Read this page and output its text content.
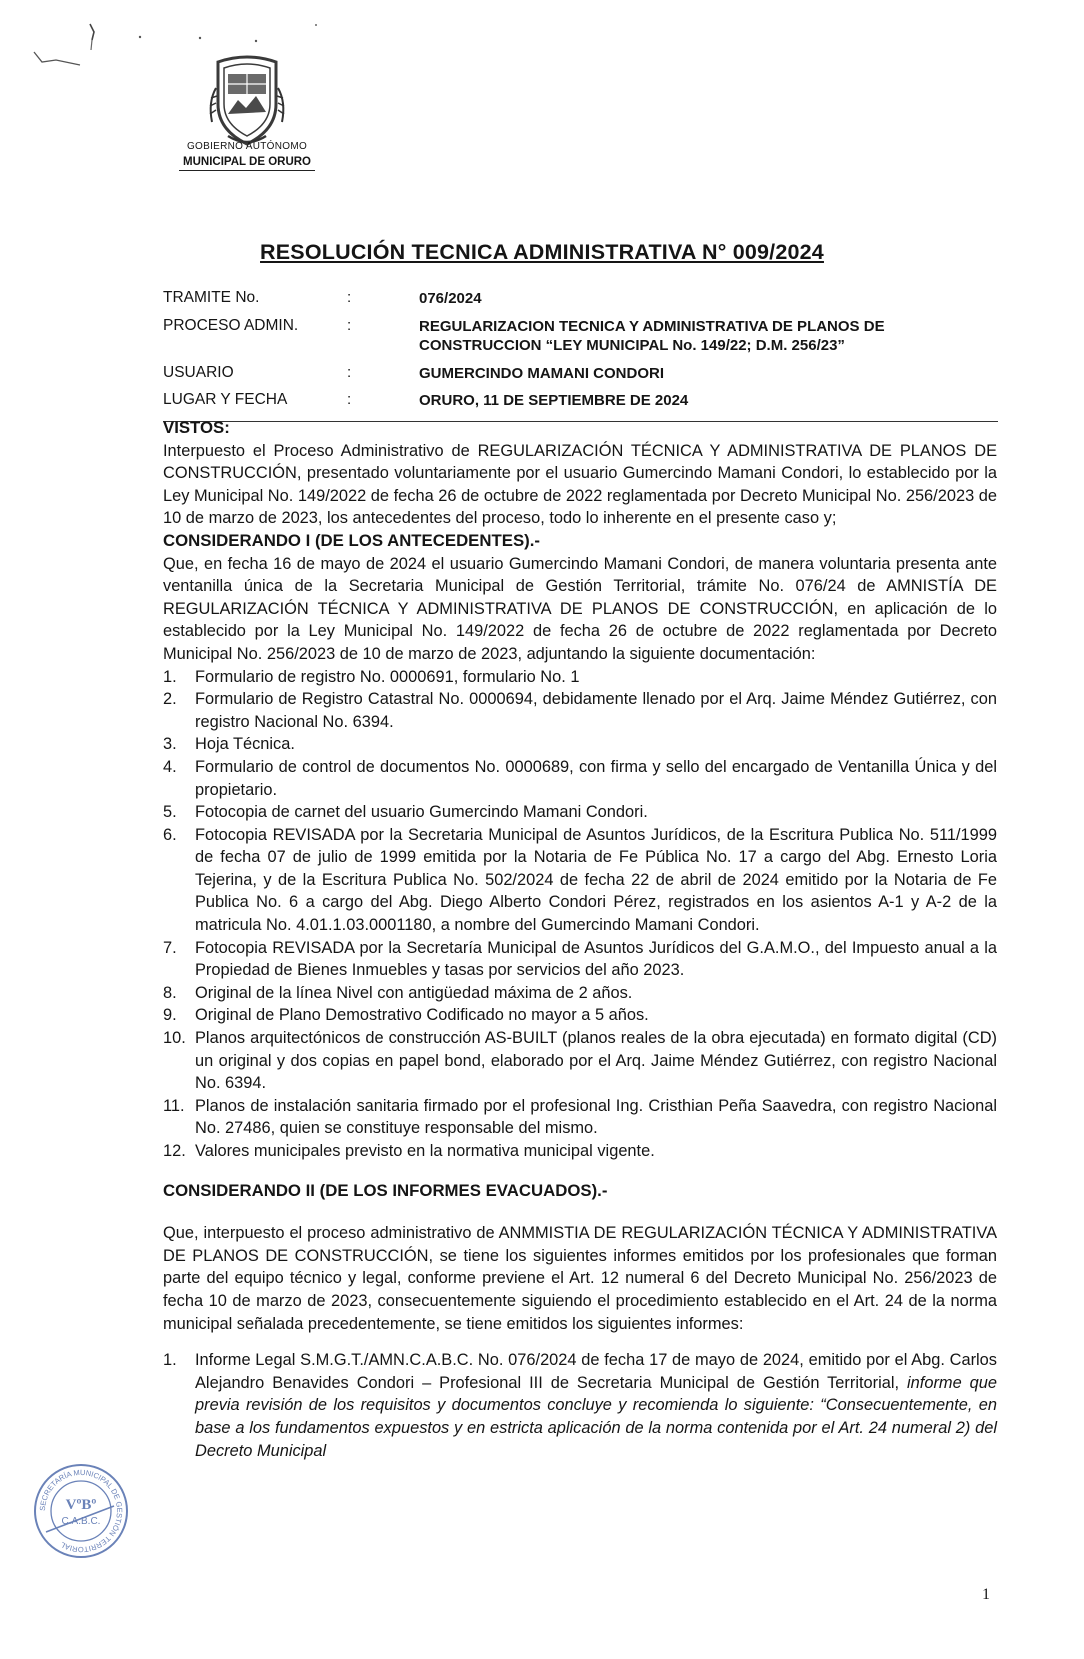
GOBIERNO AUTÓNOMO
MUNICIPAL DE ORURO
RESOLUCIÓN TECNICA ADMINISTRATIVA N° 009/2024
TRAMITE No.	:	076/2024
PROCESO ADMIN.	:	REGULARIZACION TECNICA Y ADMINISTRATIVA DE PLANOS DE CONSTRUCCION “LEY MUNICIPAL No. 149/22; D.M. 256/23”
USUARIO	:	GUMERCINDO MAMANI CONDORI
LUGAR Y FECHA	:	ORURO, 11 DE SEPTIEMBRE DE 2024
VISTOS:

Interpuesto el Proceso Administrativo de REGULARIZACIÓN TÉCNICA Y ADMINISTRATIVA DE PLANOS DE CONSTRUCCIÓN, presentado voluntariamente por el usuario Gumercindo Mamani Condori, lo establecido por la Ley Municipal No. 149/2022 de fecha 26 de octubre de 2022 reglamentada por Decreto Municipal No. 256/2023 de 10 de marzo de 2023, los antecedentes del proceso, todo lo inherente en el presente caso y;

CONSIDERANDO I (DE LOS ANTECEDENTES).-

Que, en fecha 16 de mayo de 2024 el usuario Gumercindo Mamani Condori, de manera voluntaria presenta ante ventanilla única de la Secretaria Municipal de Gestión Territorial, trámite No. 076/24 de AMNISTÍA DE REGULARIZACIÓN TÉCNICA Y ADMINISTRATIVA DE PLANOS DE CONSTRUCCIÓN, en aplicación de lo establecido por la Ley Municipal No. 149/2022 de fecha 26 de octubre de 2022 reglamentada por Decreto Municipal No. 256/2023 de 10 de marzo de 2023, adjuntando la siguiente documentación:

1.	Formulario de registro No. 0000691, formulario No. 1
2.	Formulario de Registro Catastral No. 0000694, debidamente llenado por el Arq. Jaime Méndez Gutiérrez, con registro Nacional No. 6394.
3.	Hoja Técnica.
4.	Formulario de control de documentos No. 0000689, con firma y sello del encargado de Ventanilla Única y del propietario.
5.	Fotocopia de carnet del usuario Gumercindo Mamani Condori.
6.	Fotocopia REVISADA por la Secretaria Municipal de Asuntos Jurídicos, de la Escritura Publica No. 511/1999 de fecha 07 de julio de 1999 emitida por la Notaria de Fe Pública No. 17 a cargo del Abg. Ernesto Loria Tejerina, y de la Escritura Publica No. 502/2024 de fecha 22 de abril de 2024 emitido por la Notaria de Fe Publica No. 6 a cargo del Abg. Diego Alberto Condori Pérez, registrados en los asientos A-1 y A-2 de la matricula No. 4.01.1.03.0001180, a nombre del Gumercindo Mamani Condori.
7.	Fotocopia REVISADA por la Secretaría Municipal de Asuntos Jurídicos del G.A.M.O., del Impuesto anual a la Propiedad de Bienes Inmuebles y tasas por servicios del año 2023.
8.	Original de la línea Nivel con antigüedad máxima de 2 años.
9.	Original de Plano Demostrativo Codificado no mayor a 5 años.
10. Planos arquitectónicos de construcción AS-BUILT (planos reales de la obra ejecutada) en formato digital (CD) un original y dos copias en papel bond, elaborado por el Arq. Jaime Méndez Gutiérrez, con registro Nacional No. 6394.
11. Planos de instalación sanitaria firmado por el profesional Ing. Cristhian Peña Saavedra, con registro Nacional No. 27486, quien se constituye responsable del mismo.
12. Valores municipales previsto en la normativa municipal vigente.
CONSIDERANDO II (DE LOS INFORMES EVACUADOS).-

Que, interpuesto el proceso administrativo de ANMMISTIA DE REGULARIZACIÓN TÉCNICA Y ADMINISTRATIVA DE PLANOS DE CONSTRUCCIÓN, se tiene los siguientes informes emitidos por los profesionales que forman parte del equipo técnico y legal, conforme previene el Art. 12 numeral 6 del Decreto Municipal No. 256/2023 de fecha 10 de marzo de 2023, consecuentemente siguiendo el procedimiento establecido en el Art. 24 de la norma municipal señalada precedentemente, se tiene emitidos los siguientes informes:

1.	Informe Legal S.M.G.T./AMN.C.A.B.C. No. 076/2024 de fecha 17 de mayo de 2024, emitido por el Abg. Carlos Alejandro Benavides Condori – Profesional III de Secretaria Municipal de Gestión Territorial, informe que previa revisión de los requisitos y documentos concluye y recomienda lo siguiente: “Consecuentemente, en base a los fundamentos expuestos y en estricta aplicación de la norma contenida por el Art. 24 numeral 2) del Decreto Municipal
SECRETARÍA MUNICIPAL DE GESTIÓN TERRITORIAL
VºBº
C.A.B.C.
1
